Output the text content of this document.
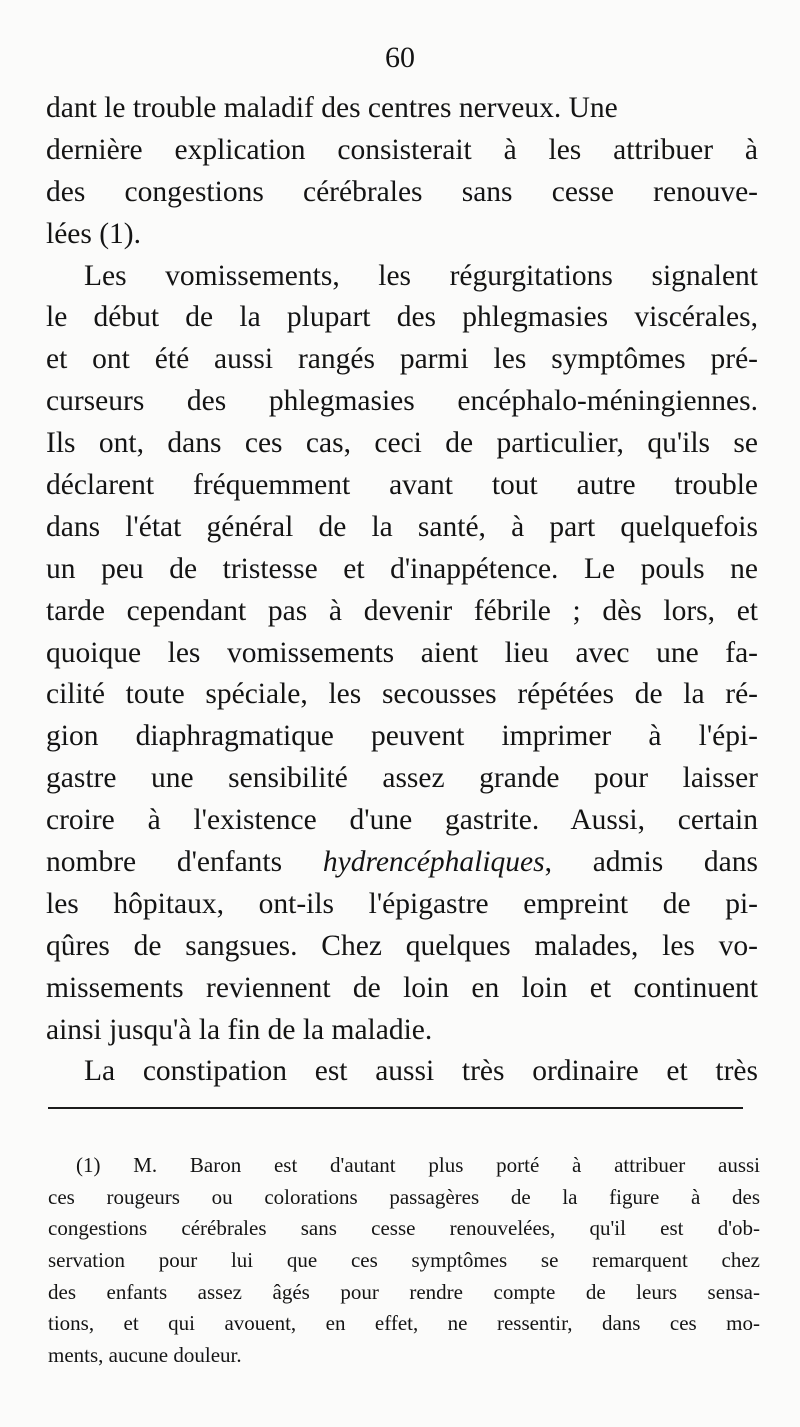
60
dant le trouble maladif des centres nerveux. Une
dernière explication consisterait à les attribuer à
des congestions cérébrales sans cesse renouve-
lées (1).
Les vomissements, les régurgitations signalent
le début de la plupart des phlegmasies viscérales,
et ont été aussi rangés parmi les symptômes pré-
curseurs des phlegmasies encéphalo-méningiennes.
Ils ont, dans ces cas, ceci de particulier, qu'ils se
déclarent fréquemment avant tout autre trouble
dans l'état général de la santé, à part quelquefois
un peu de tristesse et d'inappétence. Le pouls ne
tarde cependant pas à devenir fébrile ; dès lors, et
quoique les vomissements aient lieu avec une fa-
cilité toute spéciale, les secousses répétées de la ré-
gion diaphragmatique peuvent imprimer à l'épi-
gastre une sensibilité assez grande pour laisser
croire à l'existence d'une gastrite. Aussi, certain
nombre d'enfants hydrencéphaliques, admis dans
les hôpitaux, ont-ils l'épigastre empreint de pi-
qûres de sangsues. Chez quelques malades, les vo-
missements reviennent de loin en loin et continuent
ainsi jusqu'à la fin de la maladie.
La constipation est aussi très ordinaire et très
(1) M. Baron est d'autant plus porté à attribuer aussi
ces rougeurs ou colorations passagères de la figure à des
congestions cérébrales sans cesse renouvelées, qu'il est d'ob-
servation pour lui que ces symptômes se remarquent chez
des enfants assez âgés pour rendre compte de leurs sensa-
tions, et qui avouent, en effet, ne ressentir, dans ces mo-
ments, aucune douleur.
